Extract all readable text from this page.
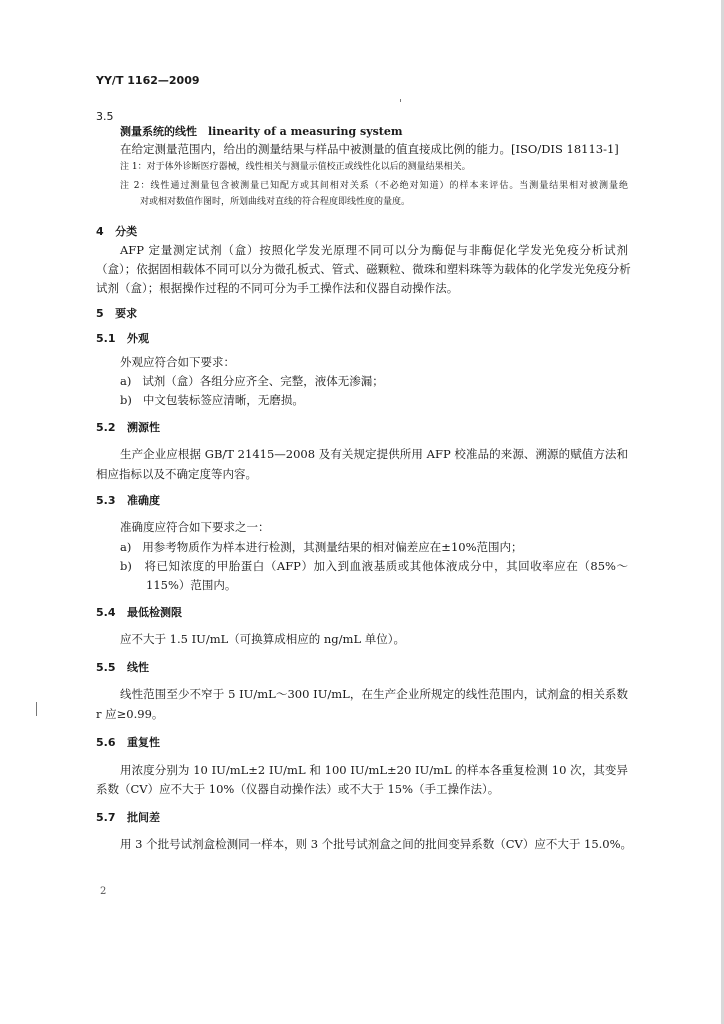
YY/T 1162—2009
3.5
测量系统的线性 linearity of a measuring system
在给定测量范围内，给出的测量结果与样品中被测量的值直接成比例的能力。[ISO/DIS 18113-1]
注 1：对于体外诊断医疗器械，线性相关与测量示值校正或线性化以后的测量结果相关。
注 2：线性通过测量包含被测量已知配方或其间相对关系（不必绝对知道）的样本来评估。当测量结果相对被测量绝
对或相对数值作图时，所划曲线对直线的符合程度即线性度的量度。
4 分类
AFP 定量测定试剂（盒）按照化学发光原理不同可以分为酶促与非酶促化学发光免疫分析试剂
（盒）；依据固相载体不同可以分为微孔板式、管式、磁颗粒、微珠和塑料珠等为载体的化学发光免疫分析
试剂（盒）；根据操作过程的不同可分为手工操作法和仪器自动操作法。
5 要求
5.1 外观
外观应符合如下要求：
a) 试剂（盒）各组分应齐全、完整，液体无渗漏；
b) 中文包装标签应清晰，无磨损。
5.2 溯源性
生产企业应根据 GB/T 21415—2008 及有关规定提供所用 AFP 校准品的来源、溯源的赋值方法和
相应指标以及不确定度等内容。
5.3 准确度
准确度应符合如下要求之一：
a) 用参考物质作为样本进行检测，其测量结果的相对偏差应在±10%范围内；
b) 将已知浓度的甲胎蛋白（AFP）加入到血液基质或其他体液成分中，其回收率应在（85%～
115%）范围内。
5.4 最低检测限
应不大于 1.5 IU/mL（可换算成相应的 ng/mL 单位）。
5.5 线性
线性范围至少不窄于 5 IU/mL～300 IU/mL，在生产企业所规定的线性范围内，试剂盒的相关系数
r 应≥0.99。
5.6 重复性
用浓度分别为 10 IU/mL±2 IU/mL 和 100 IU/mL±20 IU/mL 的样本各重复检测 10 次，其变异
系数（CV）应不大于 10%（仪器自动操作法）或不大于 15%（手工操作法）。
5.7 批间差
用 3 个批号试剂盒检测同一样本，则 3 个批号试剂盒之间的批间变异系数（CV）应不大于 15.0%。
2
